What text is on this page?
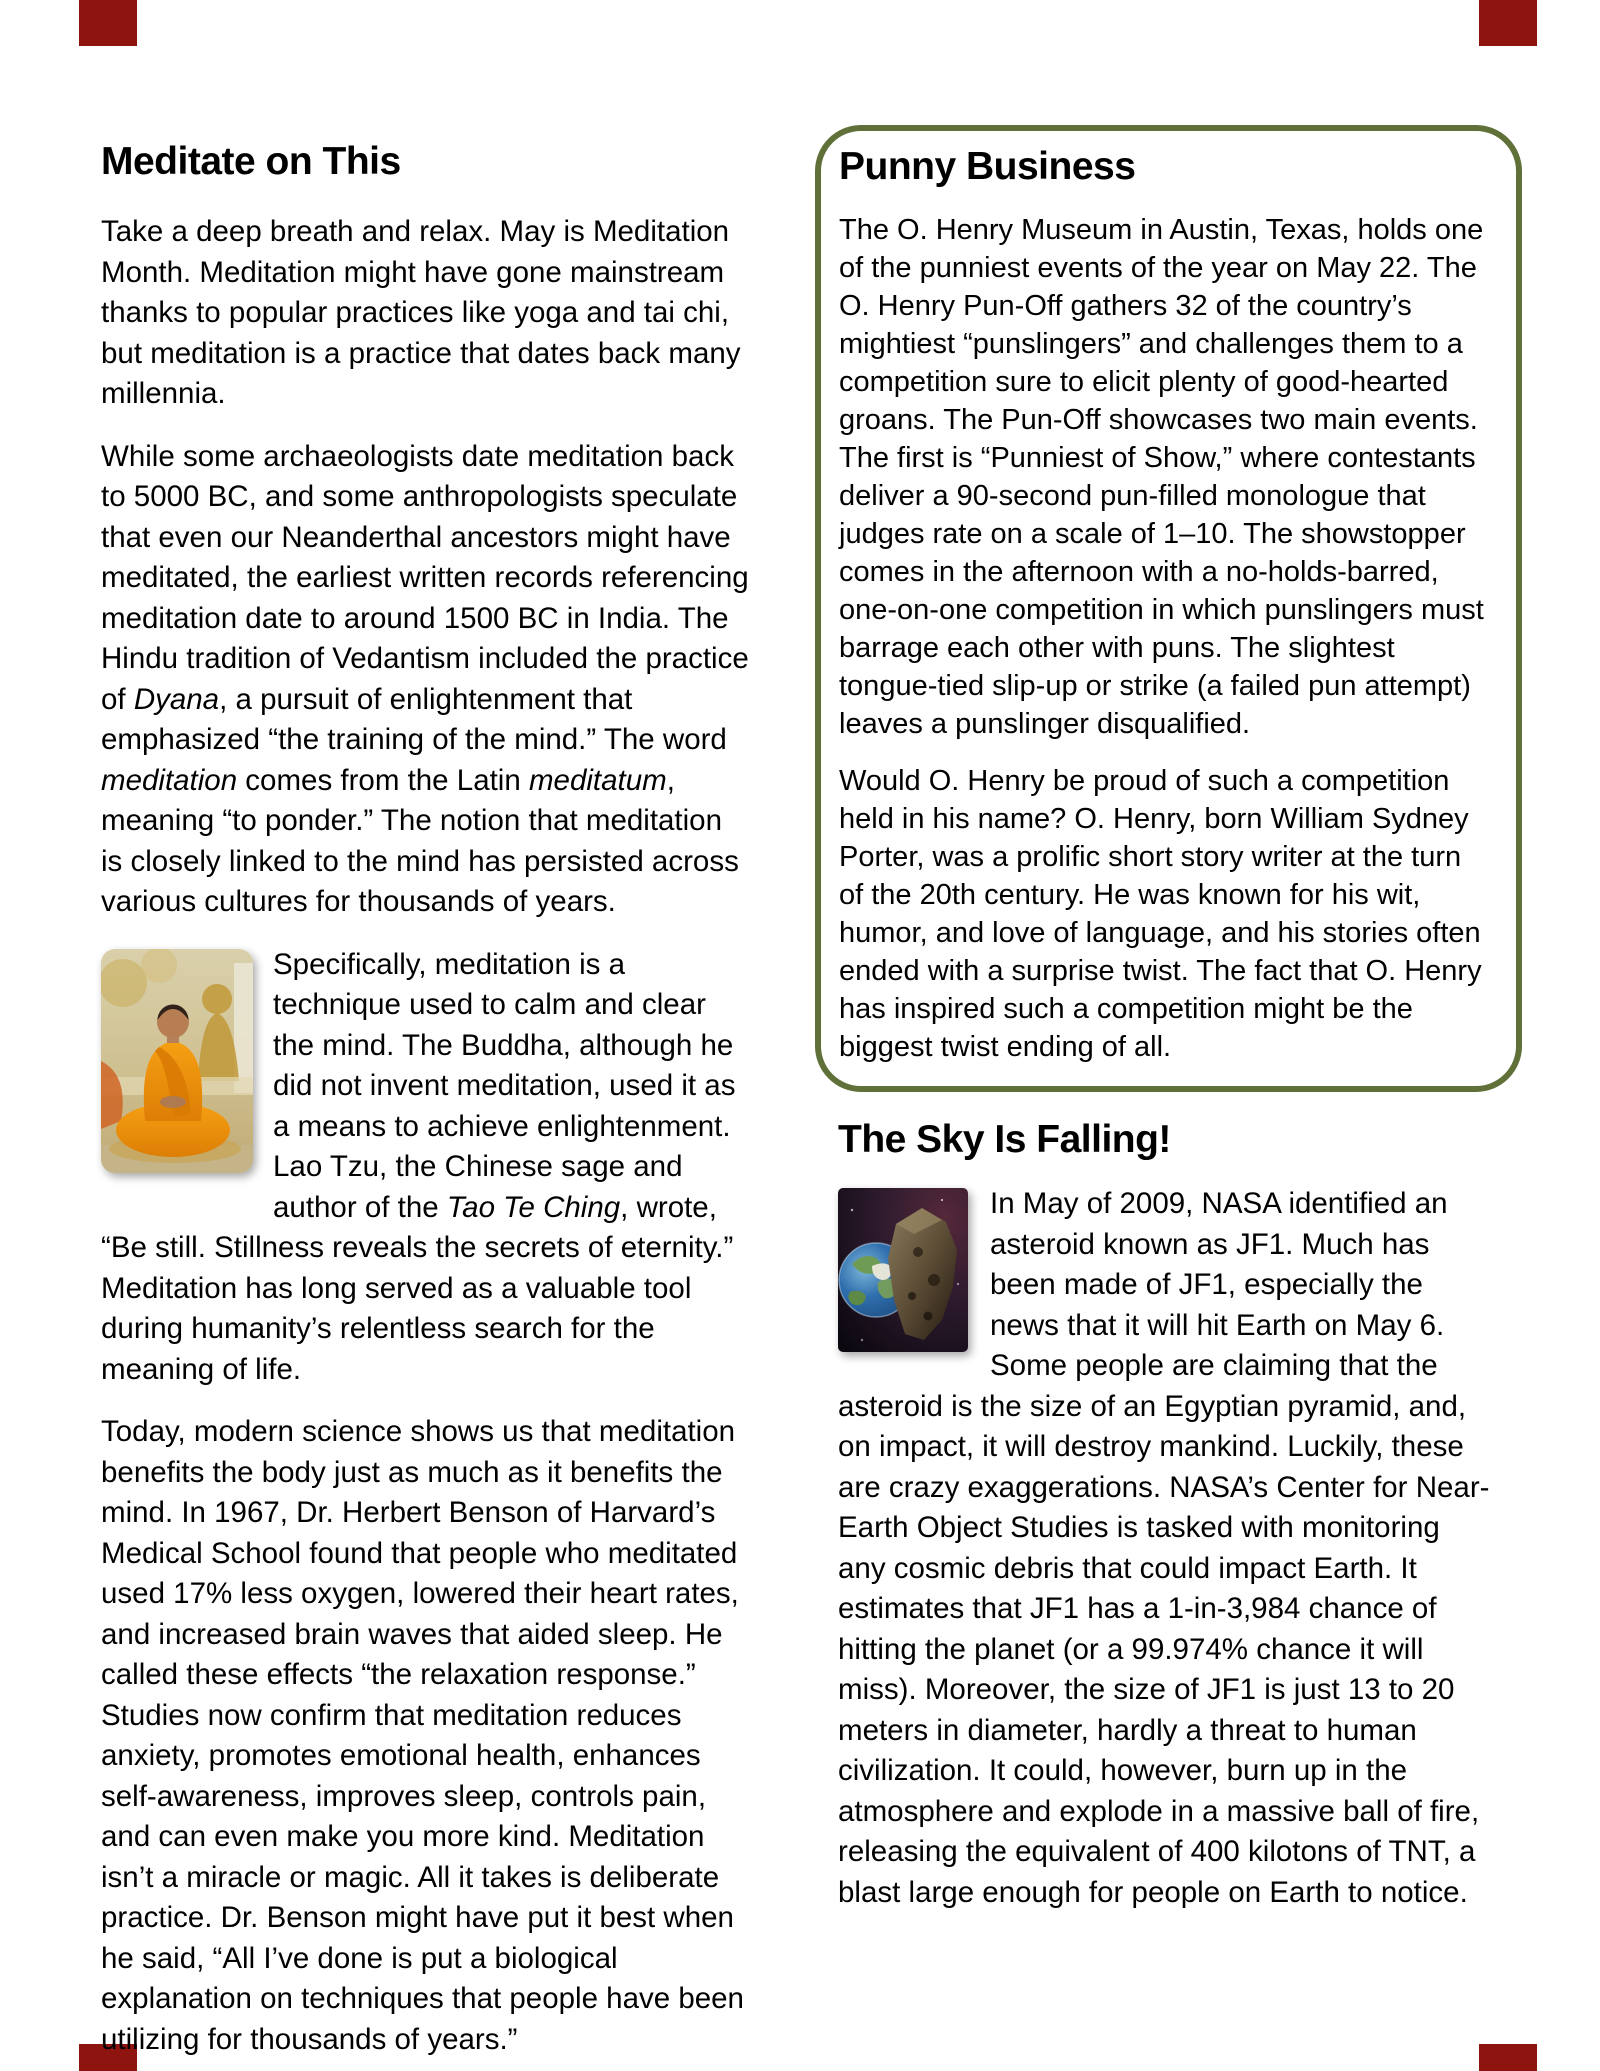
Meditate on This

Take a deep breath and relax. May is Meditation Month. Meditation might have gone mainstream thanks to popular practices like yoga and tai chi, but meditation is a practice that dates back many millennia.

While some archaeologists date meditation back to 5000 BC, and some anthropologists speculate that even our Neanderthal ancestors might have meditated, the earliest written records referencing meditation date to around 1500 BC in India. The Hindu tradition of Vedantism included the practice of Dyana, a pursuit of enlightenment that emphasized “the training of the mind.” The word meditation comes from the Latin meditatum, meaning “to ponder.” The notion that meditation is closely linked to the mind has persisted across various cultures for thousands of years.

Specifically, meditation is a technique used to calm and clear the mind. The Buddha, although he did not invent meditation, used it as a means to achieve enlightenment. Lao Tzu, the Chinese sage and author of the Tao Te Ching, wrote, “Be still. Stillness reveals the secrets of eternity.” Meditation has long served as a valuable tool during humanity’s relentless search for the meaning of life.

Today, modern science shows us that meditation benefits the body just as much as it benefits the mind. In 1967, Dr. Herbert Benson of Harvard’s Medical School found that people who meditated used 17% less oxygen, lowered their heart rates, and increased brain waves that aided sleep. He called these effects “the relaxation response.” Studies now confirm that meditation reduces anxiety, promotes emotional health, enhances self-awareness, improves sleep, controls pain, and can even make you more kind. Meditation isn’t a miracle or magic. All it takes is deliberate practice. Dr. Benson might have put it best when he said, “All I’ve done is put a biological explanation on techniques that people have been utilizing for thousands of years.”

Punny Business

The O. Henry Museum in Austin, Texas, holds one of the punniest events of the year on May 22. The O. Henry Pun-Off gathers 32 of the country’s mightiest “punslingers” and challenges them to a competition sure to elicit plenty of good-hearted groans. The Pun-Off showcases two main events. The first is “Punniest of Show,” where contestants deliver a 90-second pun-filled monologue that judges rate on a scale of 1–10. The showstopper comes in the afternoon with a no-holds-barred, one-on-one competition in which punslingers must barrage each other with puns. The slightest tongue-tied slip-up or strike (a failed pun attempt) leaves a punslinger disqualified.

Would O. Henry be proud of such a competition held in his name? O. Henry, born William Sydney Porter, was a prolific short story writer at the turn of the 20th century. He was known for his wit, humor, and love of language, and his stories often ended with a surprise twist. The fact that O. Henry has inspired such a competition might be the biggest twist ending of all.

The Sky Is Falling!

In May of 2009, NASA identified an asteroid known as JF1. Much has been made of JF1, especially the news that it will hit Earth on May 6. Some people are claiming that the asteroid is the size of an Egyptian pyramid, and, on impact, it will destroy mankind. Luckily, these are crazy exaggerations. NASA’s Center for Near-Earth Object Studies is tasked with monitoring any cosmic debris that could impact Earth. It estimates that JF1 has a 1-in-3,984 chance of hitting the planet (or a 99.974% chance it will miss). Moreover, the size of JF1 is just 13 to 20 meters in diameter, hardly a threat to human civilization. It could, however, burn up in the atmosphere and explode in a massive ball of fire, releasing the equivalent of 400 kilotons of TNT, a blast large enough for people on Earth to notice.
